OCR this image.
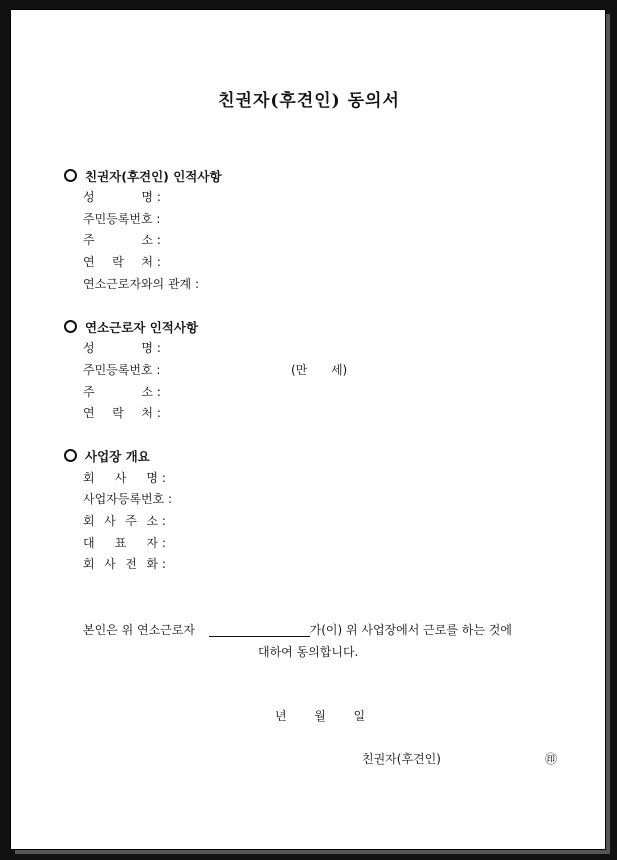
친권자(후견인) 동의서
친권자(후견인) 인적사항
성	명 :
주민등록번호 :
주	소 :
연 락 처 :
연소근로자와의 관계 :
연소근로자 인적사항
성	명 :
주민등록번호 :	(만 세)
주	소 :
연 락 처 :
사업장 개요
회 사 명 :
사업자등록번호 :
회 사 주 소 :
대 표 자 :
회 사 전 화 :
본인은 위 연소근로자	가(이) 위 사업장에서 근로를 하는 것에
대하여 동의합니다.
년 월 일
친권자(후견인)	㊞
